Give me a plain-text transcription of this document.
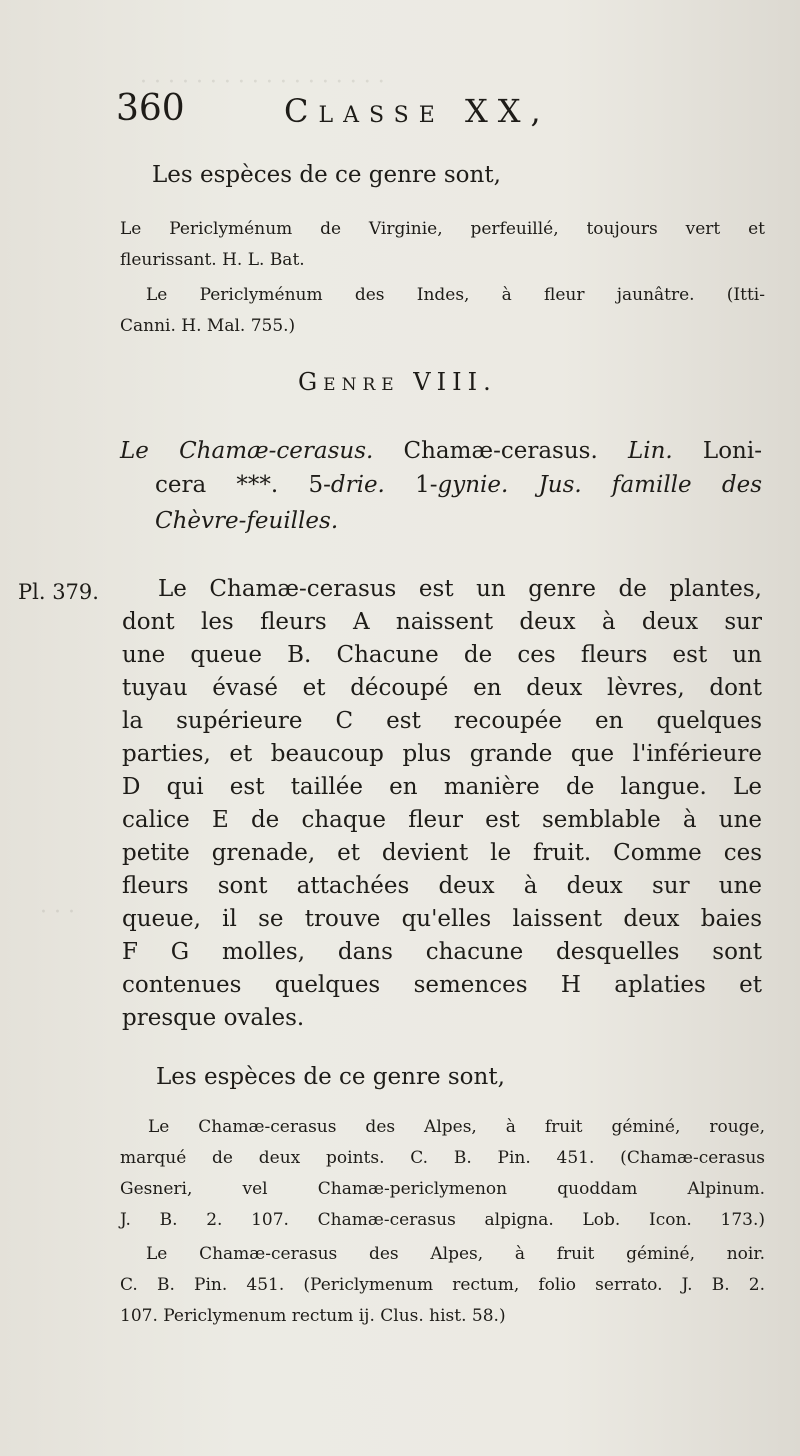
· · · · · · · · · · · · · · · · · ·
· · ·
360	Classe XX,
Les espèces de ce genre sont,
Le Periclyménum de Virginie, perfeuillé, toujours vert et
fleurissant. H. L. Bat.
Le Periclyménum des Indes, à fleur jaunâtre. (Itti-
Canni. H. Mal. 755.)
Genre VIII.
Le Chamæ-cerasus. Chamæ-cerasus. Lin. Loni-
cera ***. 5-drie. 1-gynie. Jus. famille des
Chèvre-feuilles.
Pl. 379.	Le Chamæ-cerasus est un genre de plantes,
dont les fleurs A naissent deux à deux sur
une queue B. Chacune de ces fleurs est un
tuyau évasé et découpé en deux lèvres, dont
la supérieure C est recoupée en quelques
parties, et beaucoup plus grande que l'inférieure
D qui est taillée en manière de langue. Le
calice E de chaque fleur est semblable à une
petite grenade, et devient le fruit. Comme ces
fleurs sont attachées deux à deux sur une
queue, il se trouve qu'elles laissent deux baies
F G molles, dans chacune desquelles sont
contenues quelques semences H aplaties et
presque ovales.
Les espèces de ce genre sont,
Le Chamæ-cerasus des Alpes, à fruit géminé, rouge,
marqué de deux points. C. B. Pin. 451. (Chamæ-cerasus
Gesneri, vel Chamæ-periclymenon quoddam Alpinum.
J. B. 2. 107. Chamæ-cerasus alpigna. Lob. Icon. 173.)
Le Chamæ-cerasus des Alpes, à fruit géminé, noir.
C. B. Pin. 451. (Periclymenum rectum, folio serrato. J. B. 2.
107. Periclymenum rectum ij. Clus. hist. 58.)
